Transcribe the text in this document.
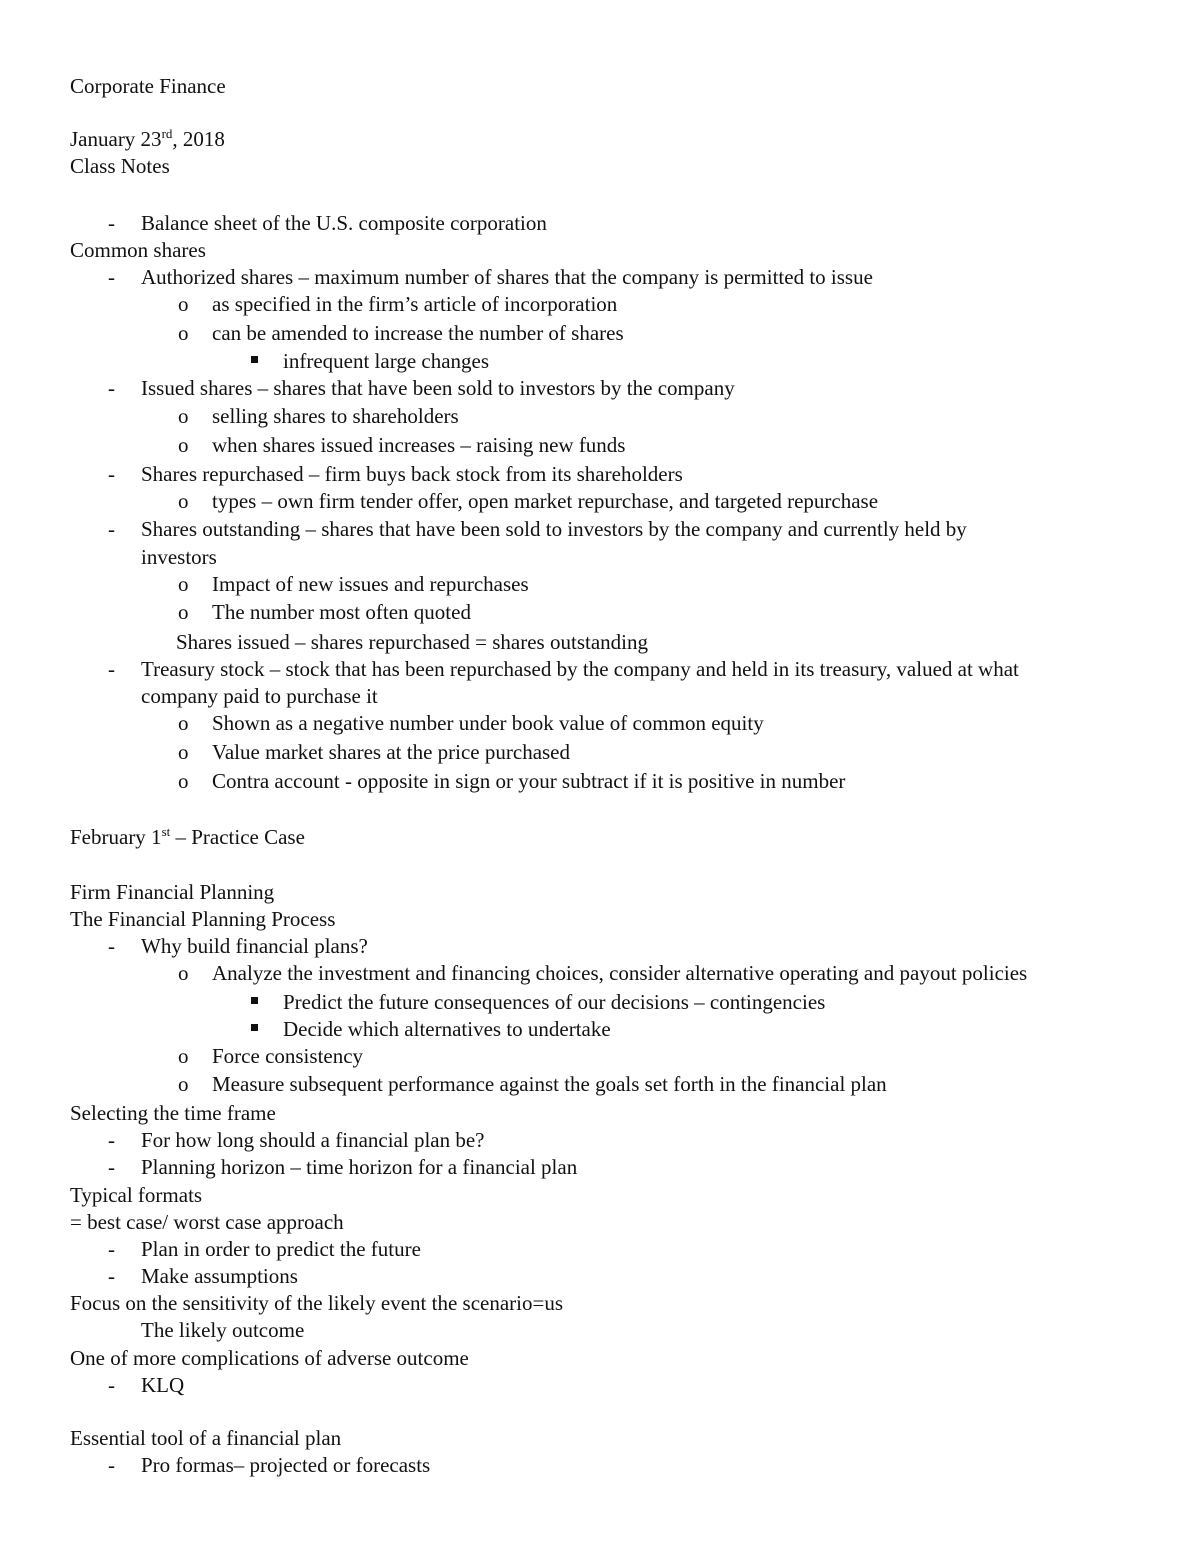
Corporate Finance
January 23rd, 2018
Class Notes
- Balance sheet of the U.S. composite corporation
Common shares
- Authorized shares – maximum number of shares that the company is permitted to issue
o as specified in the firm’s article of incorporation
o can be amended to increase the number of shares
infrequent large changes
- Issued shares – shares that have been sold to investors by the company
o selling shares to shareholders
o when shares issued increases – raising new funds
- Shares repurchased – firm buys back stock from its shareholders
o types – own firm tender offer, open market repurchase, and targeted repurchase
- Shares outstanding – shares that have been sold to investors by the company and currently held by
investors
o Impact of new issues and repurchases
o The number most often quoted
Shares issued – shares repurchased = shares outstanding
- Treasury stock – stock that has been repurchased by the company and held in its treasury, valued at what
company paid to purchase it
o Shown as a negative number under book value of common equity
o Value market shares at the price purchased
o Contra account - opposite in sign or your subtract if it is positive in number
February 1st – Practice Case
Firm Financial Planning
The Financial Planning Process
- Why build financial plans?
o Analyze the investment and financing choices, consider alternative operating and payout policies
Predict the future consequences of our decisions – contingencies
Decide which alternatives to undertake
o Force consistency
o Measure subsequent performance against the goals set forth in the financial plan
Selecting the time frame
- For how long should a financial plan be?
- Planning horizon – time horizon for a financial plan
Typical formats
= best case/ worst case approach
- Plan in order to predict the future
- Make assumptions
Focus on the sensitivity of the likely event the scenario=us
The likely outcome
One of more complications of adverse outcome
- KLQ
Essential tool of a financial plan
- Pro formas– projected or forecasts
